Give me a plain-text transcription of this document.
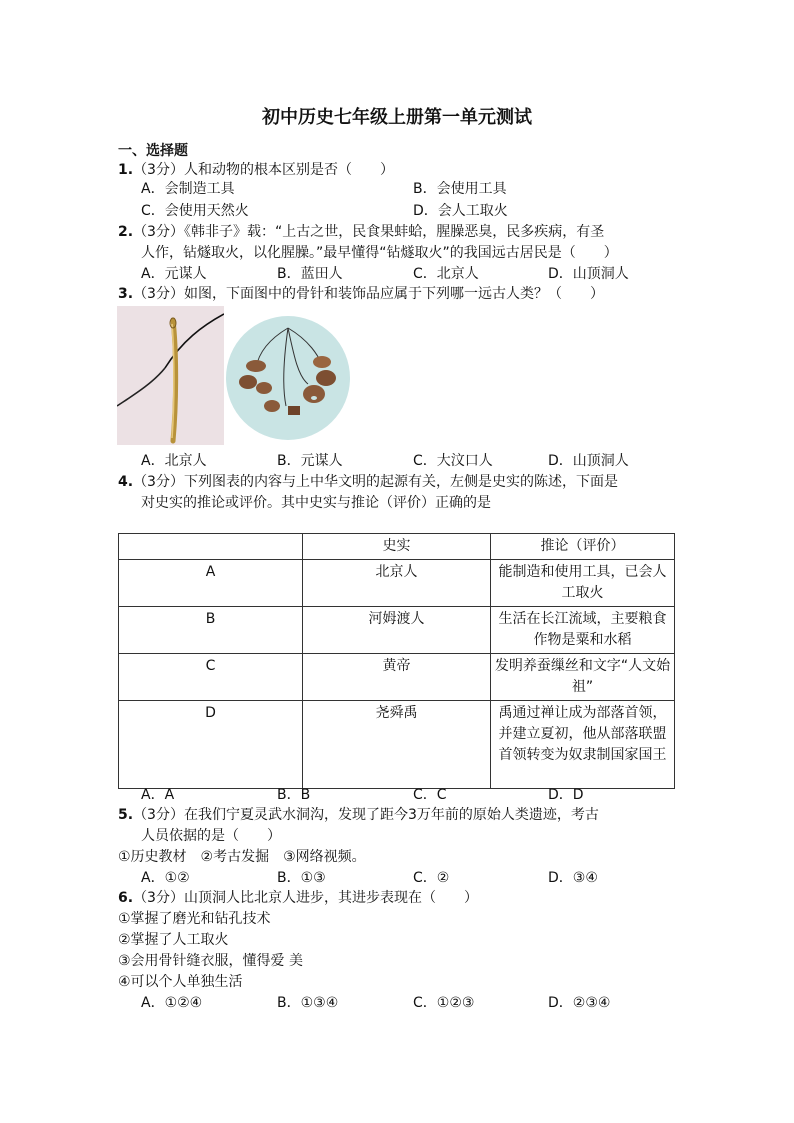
初中历史七年级上册第一单元测试
一、选择题
1.（3分）人和动物的根本区别是否（　　）
A．会制造工具	B．会使用工具
C．会使用天然火	D．会人工取火
2.（3分）《韩非子》载：“上古之世，民食果蚌蛤，腥臊恶臭，民多疾病，有圣
人作，钻燧取火，以化腥臊。”最早懂得“钻燧取火”的我国远古居民是（　　）
A．元谋人	B．蓝田人	C．北京人	D．山顶洞人
3.（3分）如图，下面图中的骨针和装饰品应属于下列哪一远古人类？（　　）
A．北京人	B．元谋人	C．大汶口人	D．山顶洞人
4.（3分）下列图表的内容与上中华文明的起源有关，左侧是史实的陈述，下面是
对史实的推论或评价。其中史实与推论（评价）正确的是
	史实	推论（评价）
A	北京人	能制造和使用工具，已会人工取火
B	河姆渡人	生活在长江流域，主要粮食作物是粟和水稻
C	黄帝	发明养蚕缫丝和文字“人文始祖”
D	尧舜禹	禹通过禅让成为部落首领，并建立夏初，他从部落联盟首领转变为奴隶制国家国王
A．A	B．B	C．C	D．D
5.（3分）在我们宁夏灵武水洞沟，发现了距今3万年前的原始人类遗迹，考古
人员依据的是（　　）
①历史教材　②考古发掘　③网络视频。
A．①②	B．①③	C．②	D．③④
6.（3分）山顶洞人比北京人进步，其进步表现在（　　）
①掌握了磨光和钻孔技术
②掌握了人工取火
③会用骨针缝衣服，懂得爱 美
④可以个人单独生活
A．①②④	B．①③④	C．①②③	D．②③④
